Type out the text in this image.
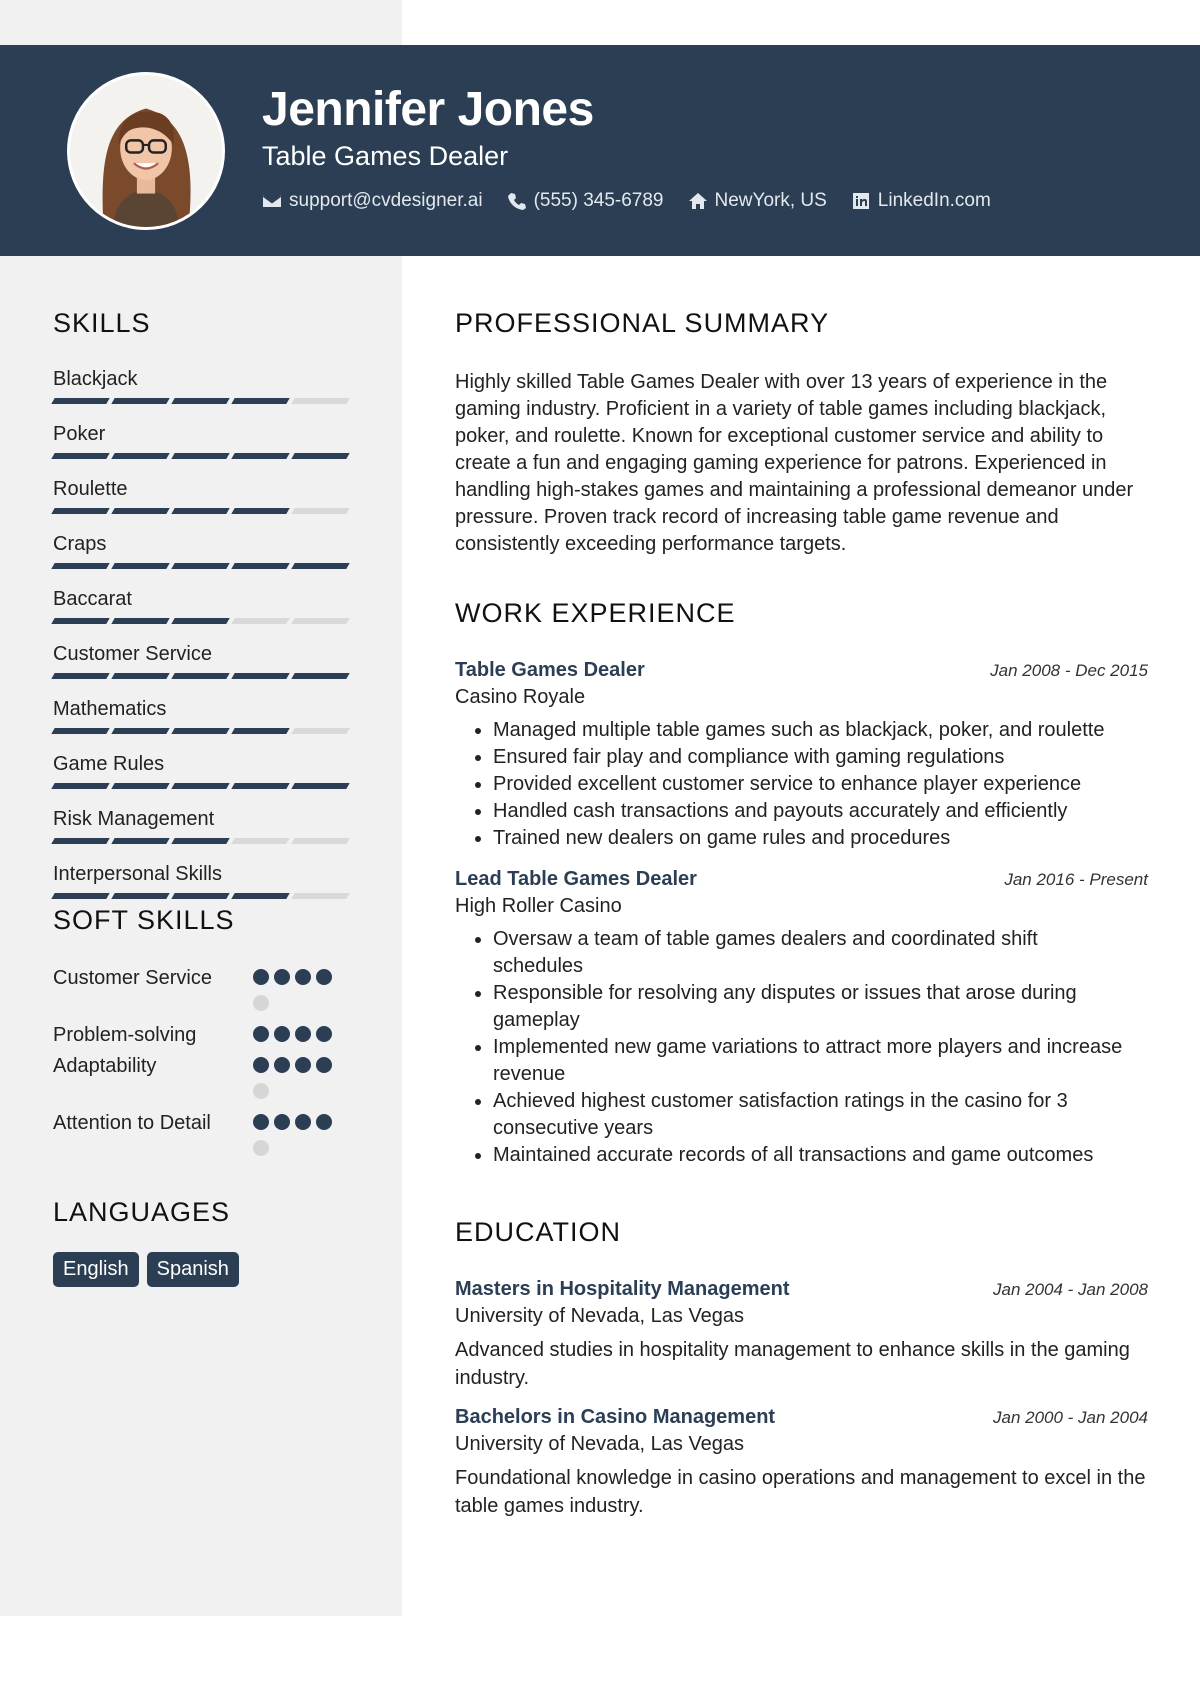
Jennifer Jones
Table Games Dealer
support@cvdesigner.ai	(555) 345-6789	NewYork, US	LinkedIn.com
SKILLS
Blackjack
Poker
Roulette
Craps
Baccarat
Customer Service
Mathematics
Game Rules
Risk Management
Interpersonal Skills
SOFT SKILLS
Customer Service
Problem-solving
Adaptability
Attention to Detail
LANGUAGES
English	Spanish
PROFESSIONAL SUMMARY

Highly skilled Table Games Dealer with over 13 years of experience in the gaming industry. Proficient in a variety of table games including blackjack, poker, and roulette. Known for exceptional customer service and ability to create a fun and engaging gaming experience for patrons. Experienced in handling high-stakes games and maintaining a professional demeanor under pressure. Proven track record of increasing table game revenue and consistently exceeding performance targets.

WORK EXPERIENCE
Table Games Dealer	Jan 2008 - Dec 2015
Casino Royale
• Managed multiple table games such as blackjack, poker, and roulette
• Ensured fair play and compliance with gaming regulations
• Provided excellent customer service to enhance player experience
• Handled cash transactions and payouts accurately and efficiently
• Trained new dealers on game rules and procedures
Lead Table Games Dealer	Jan 2016 - Present
High Roller Casino
• Oversaw a team of table games dealers and coordinated shift schedules
• Responsible for resolving any disputes or issues that arose during gameplay
• Implemented new game variations to attract more players and increase revenue
• Achieved highest customer satisfaction ratings in the casino for 3 consecutive years
• Maintained accurate records of all transactions and game outcomes
EDUCATION
Masters in Hospitality Management	Jan 2004 - Jan 2008
University of Nevada, Las Vegas

Advanced studies in hospitality management to enhance skills in the gaming industry.

Bachelors in Casino Management	Jan 2000 - Jan 2004
University of Nevada, Las Vegas

Foundational knowledge in casino operations and management to excel in the table games industry.
